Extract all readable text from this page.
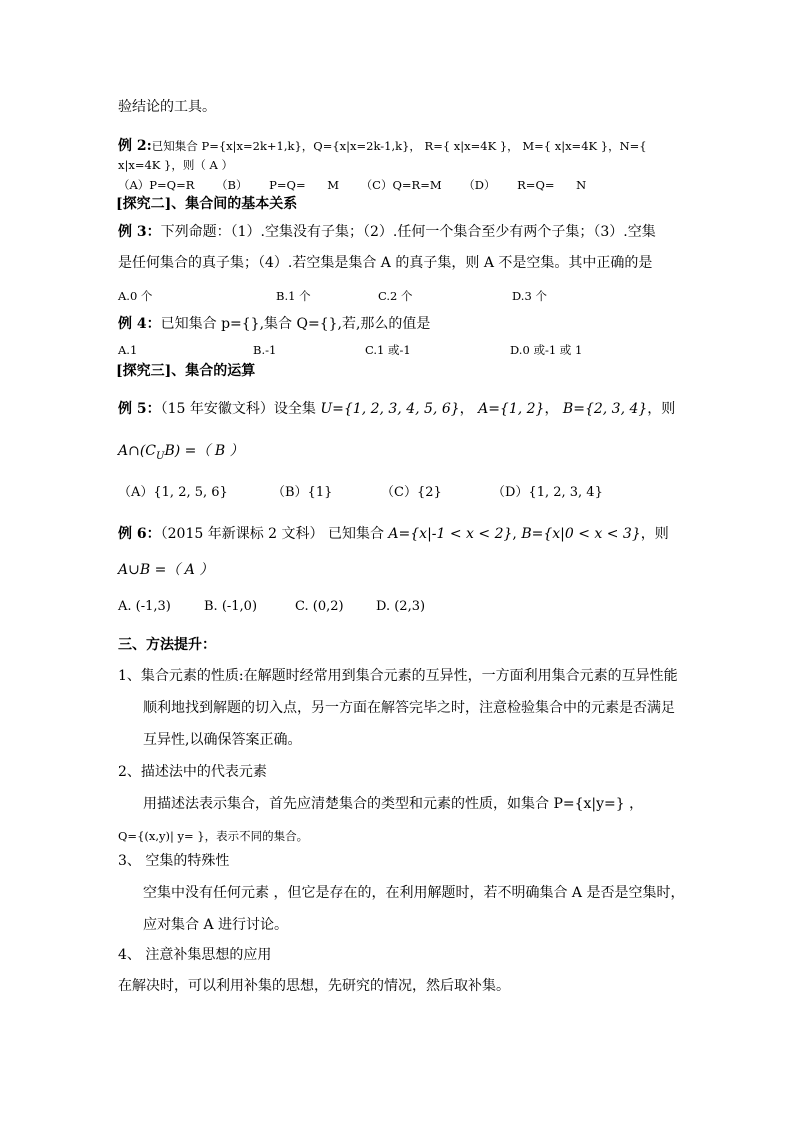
验结论的工具。
例 2:已知集合 P={x|x=2k+1,k}，Q={x|x=2k-1,k}， R={ x|x=4K }， M={ x|x=4K }，N={
x|x=4K }，则（ A ）
（A）P=Q=R （B） P=Q= M （C）Q=R=M （D） R=Q= N
[探究二]、集合间的基本关系
例 3：下列命题：（1）.空集没有子集；（2）.任何一个集合至少有两个子集；（3）.空集
是任何集合的真子集；（4）.若空集是集合 A 的真子集，则 A 不是空集。其中正确的是
A.0 个	B.1 个	C.2 个	D.3 个
例 4：已知集合 p={},集合 Q={},若,那么的值是
A.1	B.-1	C.1 或-1	D.0 或-1 或 1
[探究三]、集合的运算
例 5：（15 年安徽文科）设全集 U={1, 2, 3, 4, 5, 6}， A={1, 2}， B={2, 3, 4}，则
$A\cap(C_UB)$ =（ B ）
（A）{1, 2, 5, 6}	（B）{1}	（C）{2}	（D）{1, 2, 3, 4}
例 6：（2015 年新课标 2 文科） 已知集合 A={x|-1 < x < 2}, B={x|0 < x < 3}，则
A∪B =（ A ）
A. (-1,3)	B. (-1,0)	C. (0,2) D. (2,3)
三、方法提升：
1、集合元素的性质:在解题时经常用到集合元素的互异性，一方面利用集合元素的互异性能
顺利地找到解题的切入点，另一方面在解答完毕之时，注意检验集合中的元素是否满足
互异性,以确保答案正确。
2、描述法中的代表元素
用描述法表示集合，首先应清楚集合的类型和元素的性质，如集合 P={x|y=} ，
Q={(x,y)| y= }，表示不同的集合。
3、 空集的特殊性
空集中没有任何元素 ，但它是存在的，在利用解题时，若不明确集合 A 是否是空集时，
应对集合 A 进行讨论。
4、 注意补集思想的应用
在解决时，可以利用补集的思想，先研究的情况，然后取补集。
